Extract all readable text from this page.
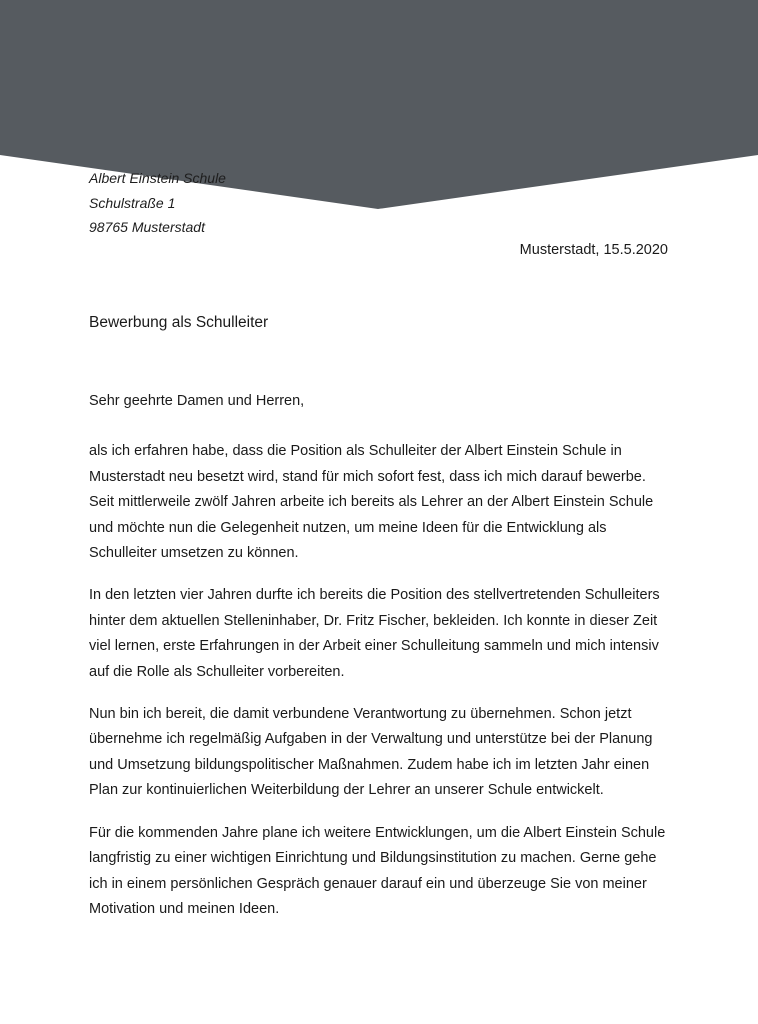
Albert Einstein Schule
Schulstraße 1
98765 Musterstadt
Musterstadt, 15.5.2020
Bewerbung als Schulleiter

Sehr geehrte Damen und Herren,

als ich erfahren habe, dass die Position als Schulleiter der Albert Einstein Schule in Musterstadt neu besetzt wird, stand für mich sofort fest, dass ich mich darauf bewerbe. Seit mittlerweile zwölf Jahren arbeite ich bereits als Lehrer an der Albert Einstein Schule und möchte nun die Gelegenheit nutzen, um meine Ideen für die Entwicklung als Schulleiter umsetzen zu können.

In den letzten vier Jahren durfte ich bereits die Position des stellvertretenden Schulleiters hinter dem aktuellen Stelleninhaber, Dr. Fritz Fischer, bekleiden. Ich konnte in dieser Zeit viel lernen, erste Erfahrungen in der Arbeit einer Schulleitung sammeln und mich intensiv auf die Rolle als Schulleiter vorbereiten.

Nun bin ich bereit, die damit verbundene Verantwortung zu übernehmen. Schon jetzt übernehme ich regelmäßig Aufgaben in der Verwaltung und unterstütze bei der Planung und Umsetzung bildungspolitischer Maßnahmen. Zudem habe ich im letzten Jahr einen Plan zur kontinuierlichen Weiterbildung der Lehrer an unserer Schule entwickelt.

Für die kommenden Jahre plane ich weitere Entwicklungen, um die Albert Einstein Schule langfristig zu einer wichtigen Einrichtung und Bildungsinstitution zu machen. Gerne gehe ich in einem persönlichen Gespräch genauer darauf ein und überzeuge Sie von meiner Motivation und meinen Ideen.
